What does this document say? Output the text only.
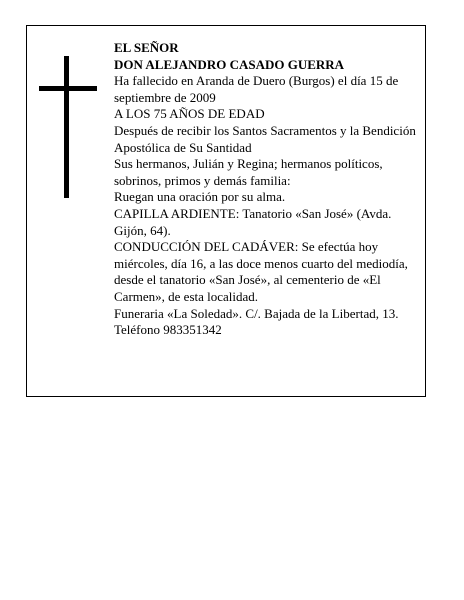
EL SEÑOR

DON ALEJANDRO CASADO GUERRA

Ha fallecido en Aranda de Duero (Burgos) el día 15 de septiembre de 2009

A LOS 75 AÑOS DE EDAD

Después de recibir los Santos Sacramentos y la Bendición Apostólica de Su Santidad

Sus hermanos, Julián y Regina; hermanos políticos, sobrinos, primos y demás familia:

Ruegan una oración por su alma.

CAPILLA ARDIENTE: Tanatorio «San José» (Avda. Gijón, 64).

CONDUCCIÓN DEL CADÁVER: Se efectúa hoy miércoles, día 16, a las doce menos cuarto del mediodía, desde el tanatorio «San José», al cementerio de «El Carmen», de esta localidad.

Funeraria «La Soledad». C/. Bajada de la Libertad, 13.

Teléfono 983351342
